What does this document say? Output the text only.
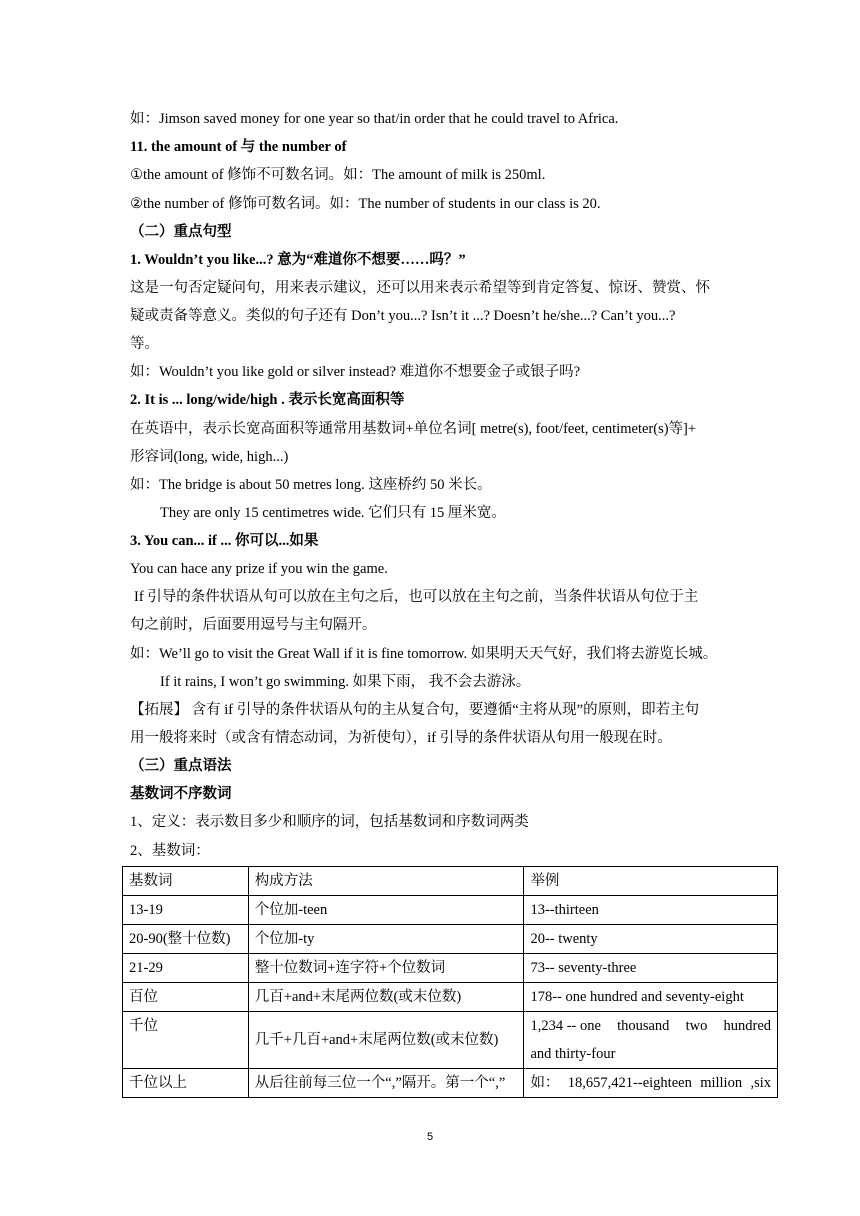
如：Jimson saved money for one year so that/in order that he could travel to Africa.
11. the amount of 与 the number of
①the amount of 修饰不可数名词。如：The amount of milk is 250ml.
②the number of 修饰可数名词。如：The number of students in our class is 20.
（二）重点句型
1. Wouldn’t you like...? 意为“难道你不想要……吗？”
这是一句否定疑问句，用来表示建议，还可以用来表示希望等到肯定答复、惊讶、赞赏、怀
疑或责备等意义。类似的句子还有 Don’t you...? Isn’t it ...? Doesn’t he/she...? Can’t you...?
等。
如：Wouldn’t you like gold or silver instead? 难道你不想要金子或银子吗?
2. It is ... long/wide/high . 表示长宽高面积等
在英语中，表示长宽高面积等通常用基数词+单位名词[ metre(s), foot/feet, centimeter(s)等]+
形容词(long, wide, high...)
如：The bridge is about 50 metres long. 这座桥约 50 米长。
They are only 15 centimetres wide. 它们只有 15 厘米宽。
3. You can... if ... 你可以...如果
You can hace any prize if you win the game.
If 引导的条件状语从句可以放在主句之后，也可以放在主句之前，当条件状语从句位于主
句之前时，后面要用逗号与主句隔开。
如：We’ll go to visit the Great Wall if it is fine tomorrow. 如果明天天气好，我们将去游览长城。
If it rains, I won’t go swimming. 如果下雨， 我不会去游泳。
【拓展】 含有 if 引导的条件状语从句的主从复合句，要遵循“主将从现”的原则，即若主句
用一般将来时（或含有情态动词，为祈使句），if 引导的条件状语从句用一般现在时。
（三）重点语法
基数词不序数词
1、定义：表示数目多少和顺序的词，包括基数词和序数词两类
2、基数词：
基数词	构成方法	举例
13-19	个位加-teen	13--thirteen
20-90(整十位数)	个位加-ty	20-- twenty
21-29	整十位数词+连字符+个位数词	73-- seventy-three
百位	几百+and+末尾两位数(或末位数)	178-- one hundred and seventy-eight
千位	几千+几百+and+末尾两位数(或末位数)	1,234 -- one thousand two hundred
and thirty-four

千位以上	从后往前每三位一个“,”隔开。第一个“,”	如： 18,657,421--eighteen million ,six
5
